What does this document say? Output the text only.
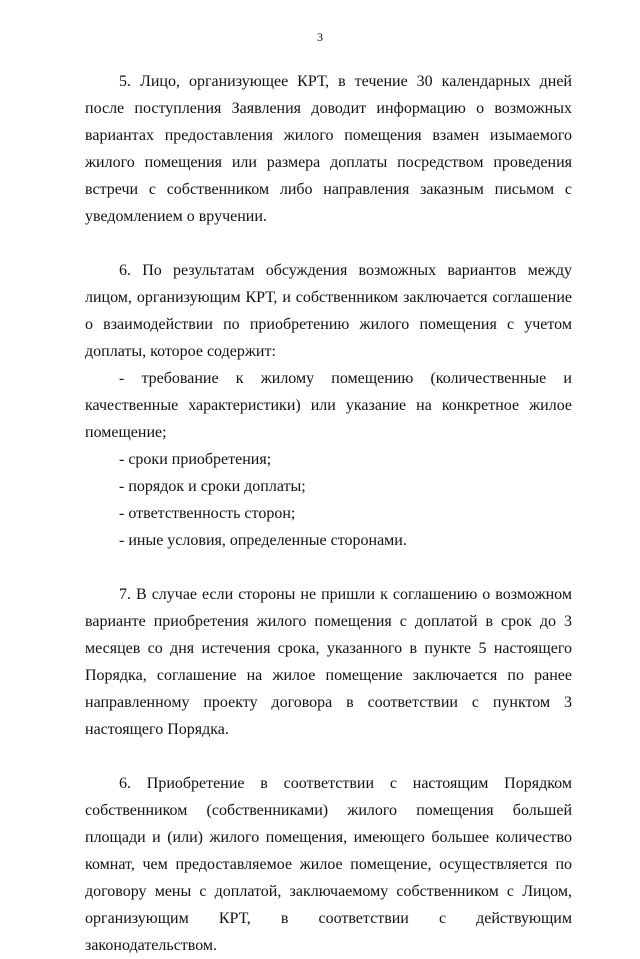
3

5. Лицо, организующее КРТ, в течение 30 календарных дней после поступления Заявления доводит информацию о возможных вариантах предоставления жилого помещения взамен изымаемого жилого помещения или размера доплаты посредством проведения встречи с собственником либо направления заказным письмом с уведомлением о вручении.

6. По результатам обсуждения возможных вариантов между лицом, организующим КРТ, и собственником заключается соглашение о взаимодействии по приобретению жилого помещения с учетом доплаты, которое содержит:

- требование к жилому помещению (количественные и качественные характеристики) или указание на конкретное жилое помещение;

- сроки приобретения;

- порядок и сроки доплаты;

- ответственность сторон;

- иные условия, определенные сторонами.

7. В случае если стороны не пришли к соглашению о возможном варианте приобретения жилого помещения с доплатой в срок до 3 месяцев со дня истечения срока, указанного в пункте 5 настоящего Порядка, соглашение на жилое помещение заключается по ранее направленному проекту договора в соответствии с пунктом 3 настоящего Порядка.

6. Приобретение в соответствии с настоящим Порядком собственником (собственниками) жилого помещения большей площади и (или) жилого помещения, имеющего большее количество комнат, чем предоставляемое жилое помещение, осуществляется по договору мены с доплатой, заключаемому собственником с Лицом, организующим КРТ, в соответствии с действующим законодательством.
